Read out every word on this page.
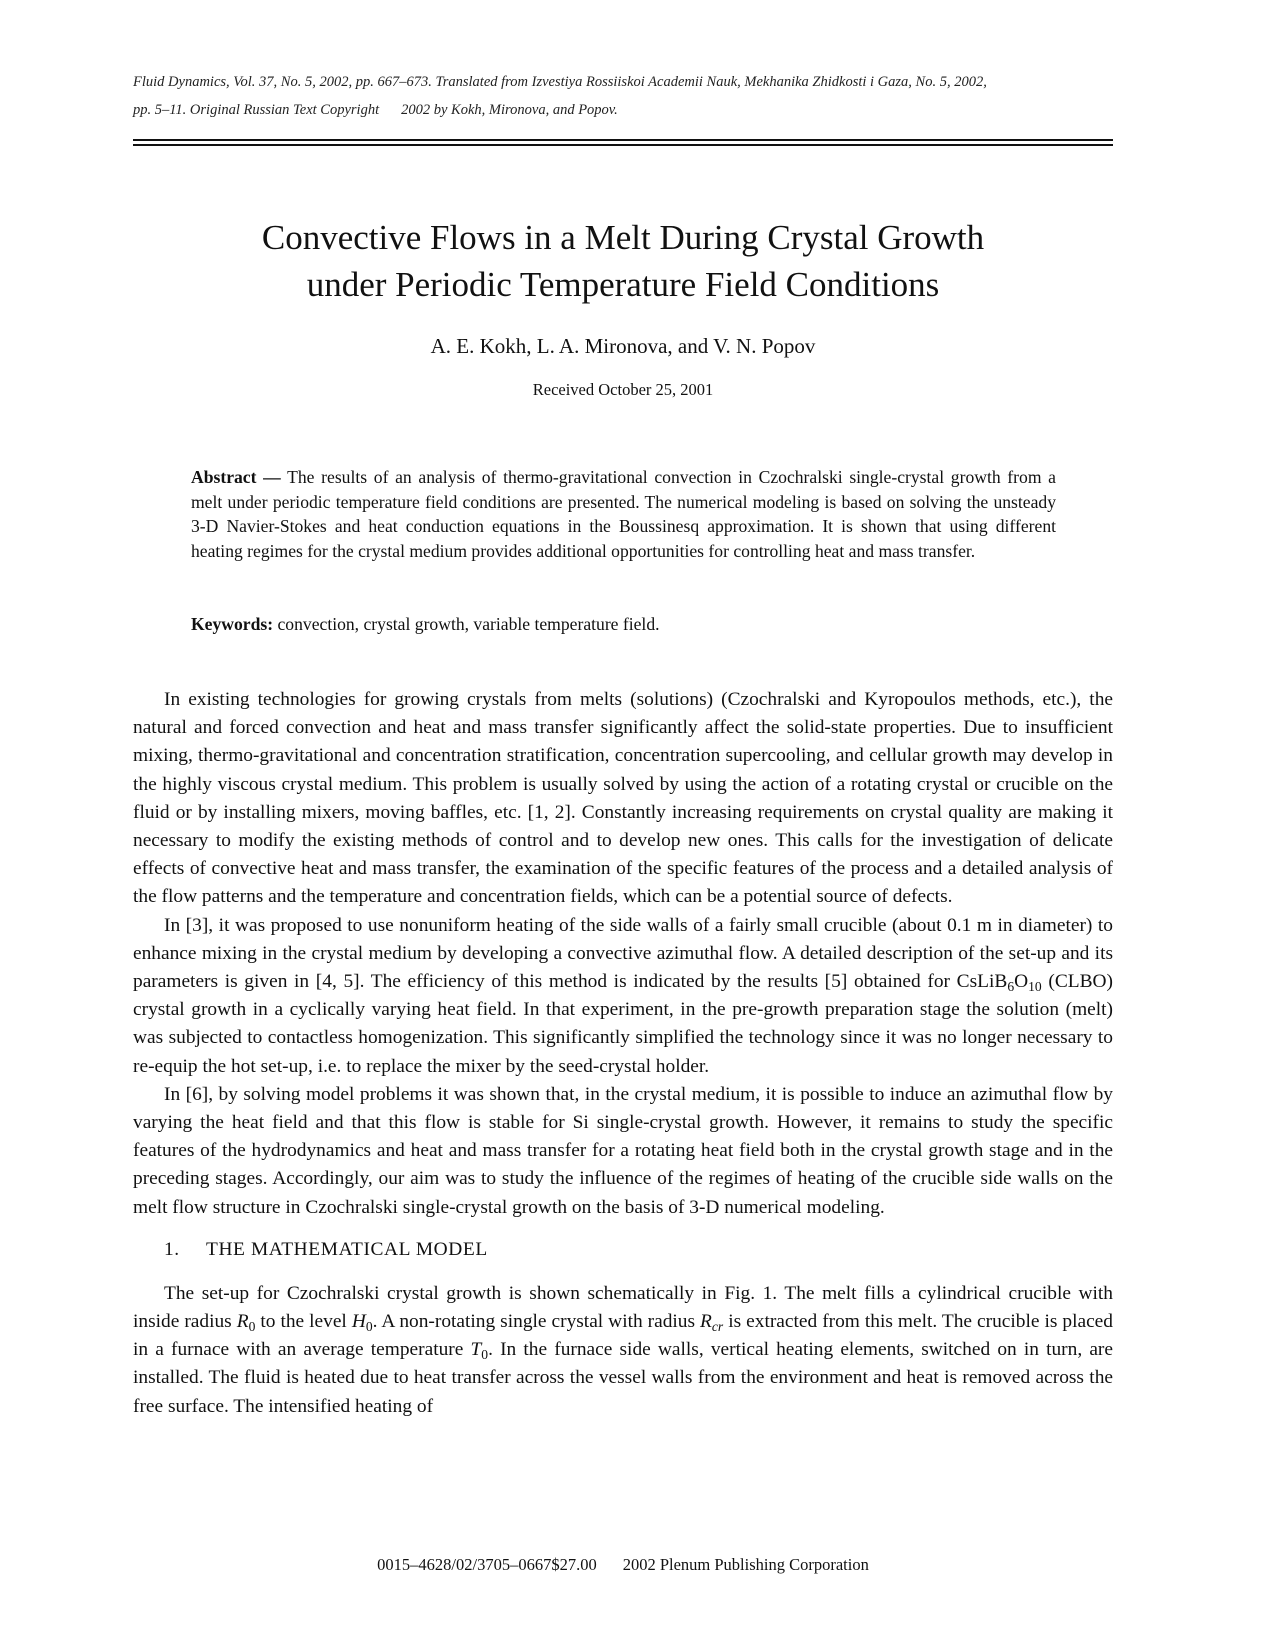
Fluid Dynamics, Vol. 37, No. 5, 2002, pp. 667–673. Translated from Izvestiya Rossiiskoi Academii Nauk, Mekhanika Zhidkosti i Gaza, No. 5, 2002,
pp. 5–11. Original Russian Text Copyright 2002 by Kokh, Mironova, and Popov.
Convective Flows in a Melt During Crystal Growth
under Periodic Temperature Field Conditions
A. E. Kokh, L. A. Mironova, and V. N. Popov
Received October 25, 2001
Abstract — The results of an analysis of thermo-gravitational convection in Czochralski single-crystal growth from a melt under periodic temperature field conditions are presented. The numerical modeling is based on solving the unsteady 3-D Navier-Stokes and heat conduction equations in the Boussinesq approximation. It is shown that using different heating regimes for the crystal medium provides additional opportunities for controlling heat and mass transfer.
Keywords: convection, crystal growth, variable temperature field.

In existing technologies for growing crystals from melts (solutions) (Czochralski and Kyropoulos methods, etc.), the natural and forced convection and heat and mass transfer significantly affect the solid-state properties. Due to insufficient mixing, thermo-gravitational and concentration stratification, concentration supercooling, and cellular growth may develop in the highly viscous crystal medium. This problem is usually solved by using the action of a rotating crystal or crucible on the fluid or by installing mixers, moving baffles, etc. [1, 2]. Constantly increasing requirements on crystal quality are making it necessary to modify the existing methods of control and to develop new ones. This calls for the investigation of delicate effects of convective heat and mass transfer, the examination of the specific features of the process and a detailed analysis of the flow patterns and the temperature and concentration fields, which can be a potential source of defects.

In [3], it was proposed to use nonuniform heating of the side walls of a fairly small crucible (about 0.1 m in diameter) to enhance mixing in the crystal medium by developing a convective azimuthal flow. A detailed description of the set-up and its parameters is given in [4, 5]. The efficiency of this method is indicated by the results [5] obtained for $CsLiB_6O_{10}$ (CLBO) crystal growth in a cyclically varying heat field. In that experiment, in the pre-growth preparation stage the solution (melt) was subjected to contactless homogenization. This significantly simplified the technology since it was no longer necessary to re-equip the hot set-up, i.e. to replace the mixer by the seed-crystal holder.

In [6], by solving model problems it was shown that, in the crystal medium, it is possible to induce an azimuthal flow by varying the heat field and that this flow is stable for Si single-crystal growth. However, it remains to study the specific features of the hydrodynamics and heat and mass transfer for a rotating heat field both in the crystal growth stage and in the preceding stages. Accordingly, our aim was to study the influence of the regimes of heating of the crucible side walls on the melt flow structure in Czochralski single-crystal growth on the basis of 3-D numerical modeling.

1. THE MATHEMATICAL MODEL

The set-up for Czochralski crystal growth is shown schematically in Fig. 1. The melt fills a cylindrical crucible with inside radius $R_0$ to the level $H_0$. A non-rotating single crystal with radius $R_{cr}$ is extracted from this melt. The crucible is placed in a furnace with an average temperature $T_0$. In the furnace side walls, vertical heating elements, switched on in turn, are installed. The fluid is heated due to heat transfer across the vessel walls from the environment and heat is removed across the free surface. The intensified heating of

0015–4628/02/3705–0667$27.00 2002 Plenum Publishing Corporation
